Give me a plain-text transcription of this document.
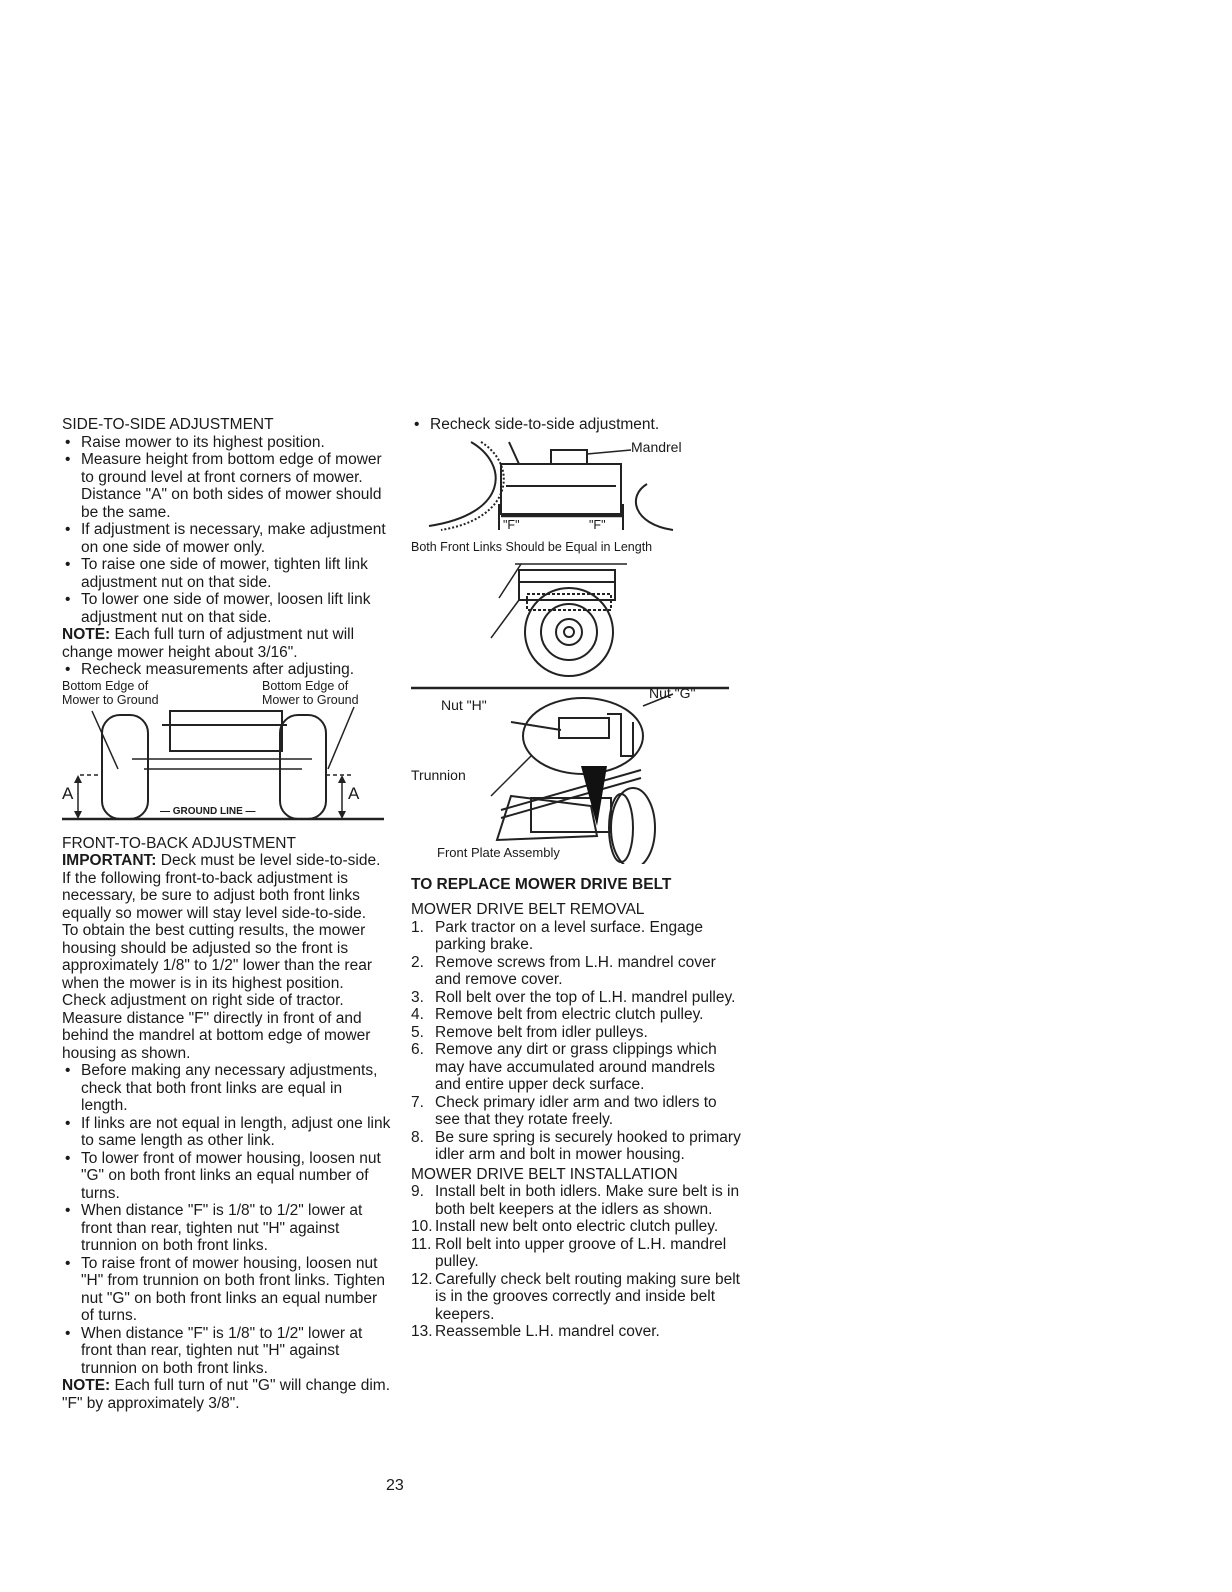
SIDE-TO-SIDE ADJUSTMENT
• Raise mower to its highest position.
• Measure height from bottom edge of mower to ground level at front corners of mower. Distance "A" on both sides of mower should be the same.
• If adjustment is necessary, make adjustment on one side of mower only.
• To raise one side of mower, tighten lift link adjustment nut on that side.
• To lower one side of mower, loosen lift link adjustment nut on that side.

NOTE: Each full turn of adjustment nut will change mower height about 3/16".

• Recheck measurements after adjusting.
Bottom Edge of
Mower to Ground
Bottom Edge of
Mower to Ground
A	A
— GROUND LINE —
FRONT-TO-BACK ADJUSTMENT

IMPORTANT: Deck must be level side-to-side. If the following front-to-back adjustment is necessary, be sure to adjust both front links equally so mower will stay level side-to-side.

To obtain the best cutting results, the mower housing should be adjusted so the front is approximately 1/8" to 1/2" lower than the rear when the mower is in its highest position.

Check adjustment on right side of tractor. Measure distance "F" directly in front of and behind the mandrel at bottom edge of mower housing as shown.

• Before making any necessary adjustments, check that both front links are equal in length.
• If links are not equal in length, adjust one link to same length as other link.
• To lower front of mower housing, loosen nut "G" on both front links an equal number of turns.
• When distance "F" is 1/8" to 1/2" lower at front than rear, tighten nut "H" against trunnion on both front links.
• To raise front of mower housing, loosen nut "H" from trunnion on both front links. Tighten nut "G" on both front links an equal number of turns.
• When distance "F" is 1/8" to 1/2" lower at front than rear, tighten nut "H" against trunnion on both front links.

NOTE: Each full turn of nut "G" will change dim. "F" by approximately 3/8".

• Recheck side-to-side adjustment.
Mandrel
"F"	"F"
Both Front Links Should be Equal in Length
Nut "H"
Nut "G"
Trunnion
Front Plate Assembly
TO REPLACE MOWER DRIVE BELT
MOWER DRIVE BELT REMOVAL
1. Park tractor on a level surface. Engage parking brake.
2. Remove screws from L.H. mandrel cover and remove cover.
3. Roll belt over the top of L.H. mandrel pulley.
4. Remove belt from electric clutch pulley.
5. Remove belt from idler pulleys.
6. Remove any dirt or grass clippings which may have accumulated around mandrels and entire upper deck surface.
7. Check primary idler arm and two idlers to see that they rotate freely.
8. Be sure spring is securely hooked to primary idler arm and bolt in mower housing.
MOWER DRIVE BELT INSTALLATION
9. Install belt in both idlers. Make sure belt is in both belt keepers at the idlers as shown.
10. Install new belt onto electric clutch pulley.
11. Roll belt into upper groove of L.H. mandrel pulley.
12. Carefully check belt routing making sure belt is in the grooves correctly and inside belt keepers.
13. Reassemble L.H. mandrel cover.
23
